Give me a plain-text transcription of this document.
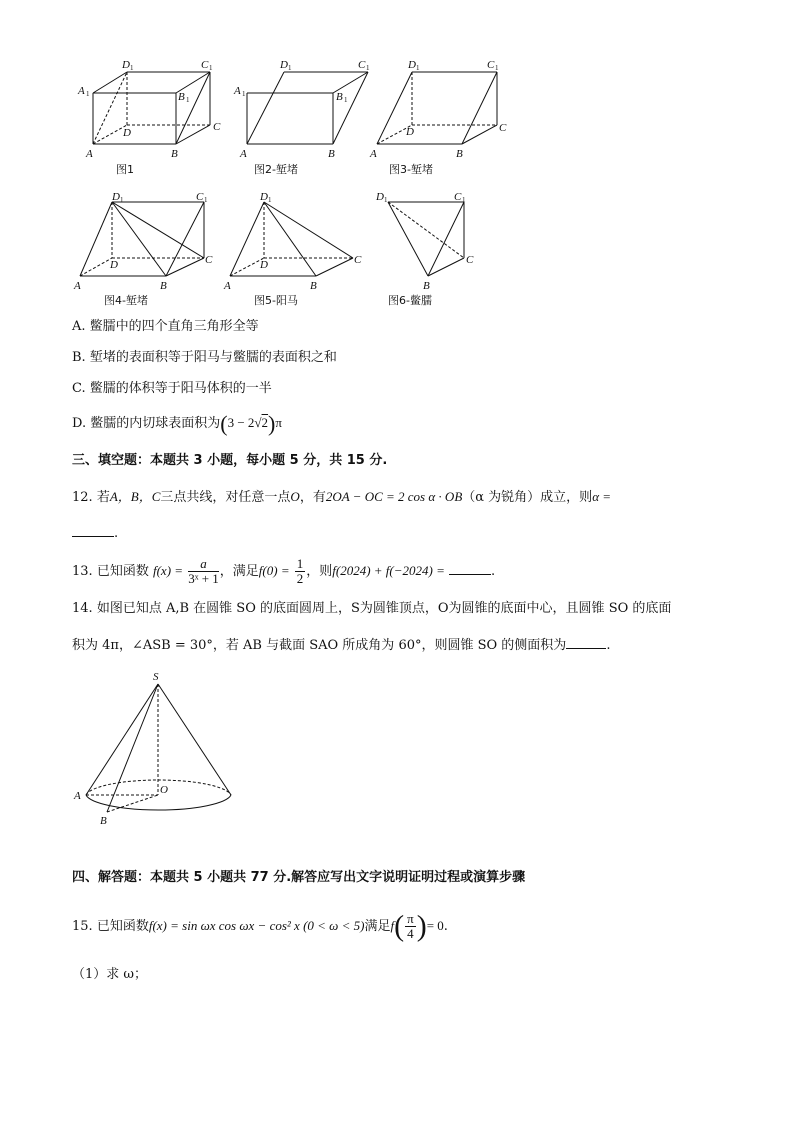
D 1	C 1
A 1	B 1
D	C
A	B
图1
D 1	C 1
A 1	B 1
A	B
图2-堑堵
D 1	C 1
D	C
A	B
图3-堑堵
D 1	C 1
D	C
A	B
图4-堑堵
D 1
D	C
A	B
图5-阳马
D 1	C 1
C
B
图6-鳖臑
A. 鳖臑中的四个直角三角形全等
B. 堑堵的表面积等于阳马与鳖臑的表面积之和
C. 鳖臑的体积等于阳马体积的一半
D. 鳖臑的内切球表面积为(3 − 2√2)π
三、填空题：本题共 3 小题，每小题 5 分，共 15 分.
12. 若A，B，C三点共线，对任意一点O，有2OA − OC = 2 cos α · OB（α 为锐角）成立，则α =
.
13. 已知函数 $f(x) = \frac{a}{\text{3ˣ + 1}}$ ，满足$f(0) = \frac{1}{2}$ ，则f(2024) + f(−2024) =	.
14. 如图已知点 A,B 在圆锥 SO 的底面圆周上，S为圆锥顶点，O为圆锥的底面中心，且圆锥 SO 的底面
积为 4π，∠ASB = 30°，若 AB 与截面 SAO 所成角为 60°，则圆锥 SO 的侧面积为	.
S
O
A
B
四、解答题：本题共 5 小题共 77 分.解答应写出文字说明证明过程或演算步骤
15. 已知函数f(x) = sin ωx cos ωx − cos² x (0 < ω < 5)满足$f( \frac{\pi}{4}$ )= 0.
（1）求 ω；
